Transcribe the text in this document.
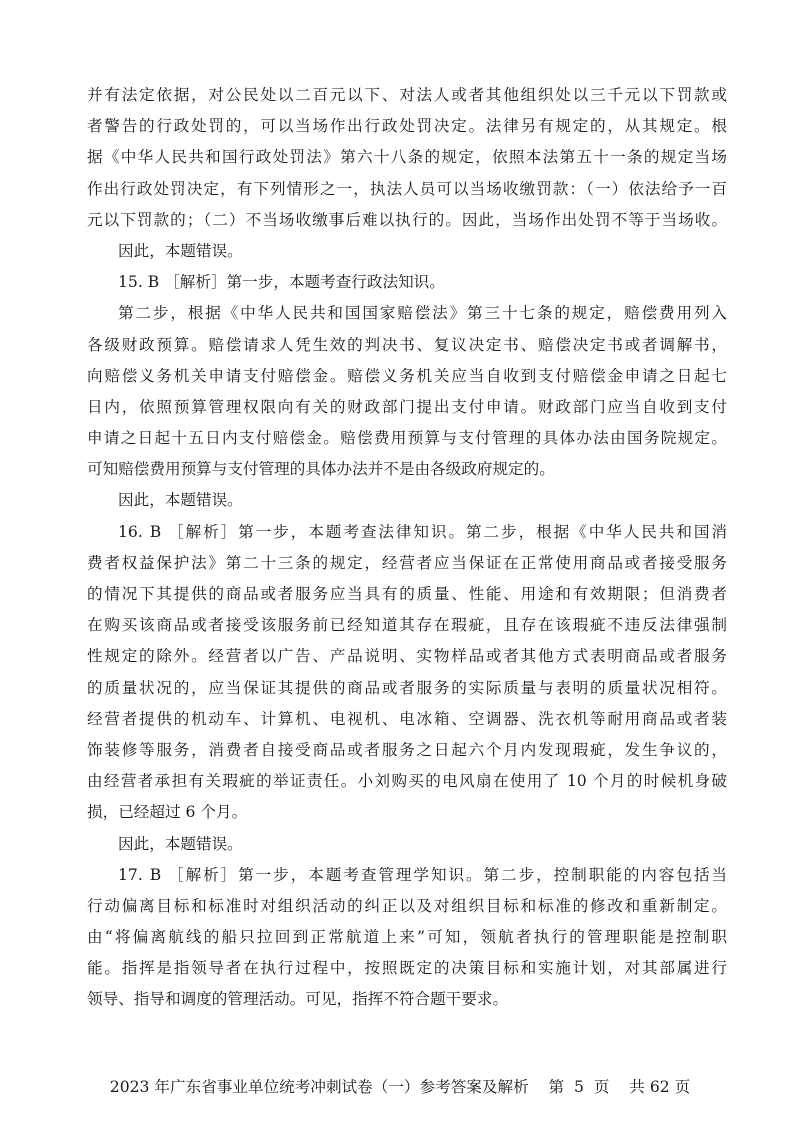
并有法定依据，对公民处以二百元以下、对法人或者其他组织处以三千元以下罚款或
者警告的行政处罚的，可以当场作出行政处罚决定。法律另有规定的，从其规定。根
据《中华人民共和国行政处罚法》第六十八条的规定，依照本法第五十一条的规定当场
作出行政处罚决定，有下列情形之一，执法人员可以当场收缴罚款：（一）依法给予一百
元以下罚款的；（二）不当场收缴事后难以执行的。因此，当场作出处罚不等于当场收。
因此，本题错误。
15. B ［解析］第一步，本题考查行政法知识。
第二步，根据《中华人民共和国国家赔偿法》第三十七条的规定，赔偿费用列入
各级财政预算。赔偿请求人凭生效的判决书、复议决定书、赔偿决定书或者调解书，
向赔偿义务机关申请支付赔偿金。赔偿义务机关应当自收到支付赔偿金申请之日起七
日内，依照预算管理权限向有关的财政部门提出支付申请。财政部门应当自收到支付
申请之日起十五日内支付赔偿金。赔偿费用预算与支付管理的具体办法由国务院规定。
可知赔偿费用预算与支付管理的具体办法并不是由各级政府规定的。
因此，本题错误。
16. B ［解析］第一步，本题考查法律知识。第二步，根据《中华人民共和国消
费者权益保护法》第二十三条的规定，经营者应当保证在正常使用商品或者接受服务
的情况下其提供的商品或者服务应当具有的质量、性能、用途和有效期限；但消费者
在购买该商品或者接受该服务前已经知道其存在瑕疵，且存在该瑕疵不违反法律强制
性规定的除外。经营者以广告、产品说明、实物样品或者其他方式表明商品或者服务
的质量状况的，应当保证其提供的商品或者服务的实际质量与表明的质量状况相符。
经营者提供的机动车、计算机、电视机、电冰箱、空调器、洗衣机等耐用商品或者装
饰装修等服务，消费者自接受商品或者服务之日起六个月内发现瑕疵，发生争议的，
由经营者承担有关瑕疵的举证责任。小刘购买的电风扇在使用了 10 个月的时候机身破
损，已经超过 6 个月。
因此，本题错误。
17. B ［解析］第一步，本题考查管理学知识。第二步，控制职能的内容包括当
行动偏离目标和标准时对组织活动的纠正以及对组织目标和标准的修改和重新制定。
由“将偏离航线的船只拉回到正常航道上来”可知，领航者执行的管理职能是控制职
能。指挥是指领导者在执行过程中，按照既定的决策目标和实施计划，对其部属进行
领导、指导和调度的管理活动。可见，指挥不符合题干要求。
2023 年广东省事业单位统考冲刺试卷（一）参考答案及解析    第  5  页    共 62 页
